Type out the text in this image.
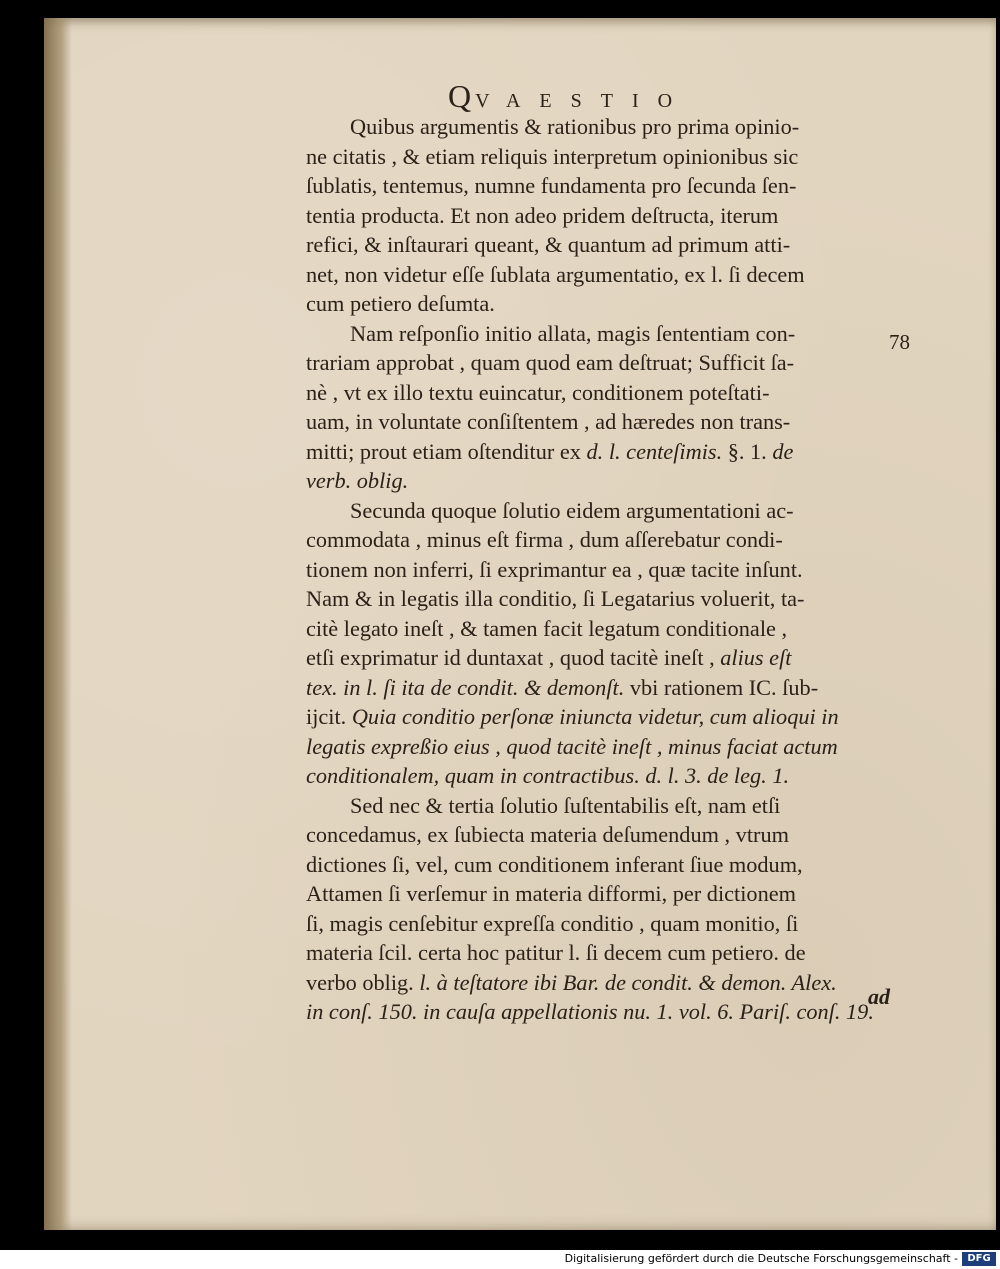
QVAESTIO
78
Quibus argumentis & rationibus pro prima opinio-
ne citatis , & etiam reliquis interpretum opinionibus sic
ſublatis, tentemus, numne fundamenta pro ſecunda ſen-
tentia producta. Et non adeo pridem deſtructa, iterum
refici, & inſtaurari queant, & quantum ad primum atti-
net, non videtur eſſe ſublata argumentatio, ex l. ſi decem
cum petiero deſumta.
Nam reſponſio initio allata, magis ſententiam con-
trariam approbat , quam quod eam deſtruat; Sufficit ſa-
nè , vt ex illo textu euincatur, conditionem poteſtati-
uam, in voluntate conſiſtentem , ad hæredes non trans-
mitti; prout etiam oſtenditur ex d. l. centeſimis. §. 1. de
verb. oblig.
Secunda quoque ſolutio eidem argumentationi ac-
commodata , minus eſt firma , dum aſſerebatur condi-
tionem non inferri, ſi exprimantur ea , quæ tacite inſunt.
Nam & in legatis illa conditio, ſi Legatarius voluerit, ta-
citè legato ineſt , & tamen facit legatum conditionale ,
etſi exprimatur id duntaxat , quod tacitè ineſt , alius eſt
tex. in l. ſi ita de condit. & demonſt. vbi rationem IC. ſub-
ijcit. Quia conditio perſonæ iniuncta videtur, cum alioqui in
legatis expreßio eius , quod tacitè ineſt , minus faciat actum
conditionalem, quam in contractibus. d. l. 3. de leg. 1.
Sed nec & tertia ſolutio ſuſtentabilis eſt, nam etſi
concedamus, ex ſubiecta materia deſumendum , vtrum
dictiones ſi, vel, cum conditionem inferant ſiue modum,
Attamen ſi verſemur in materia difformi, per dictionem
ſi, magis cenſebitur expreſſa conditio , quam monitio, ſi
materia ſcil. certa hoc patitur l. ſi decem cum petiero. de
verbo oblig. l. à teſtatore ibi Bar. de condit. & demon. Alex.
in conſ. 150. in cauſa appellationis nu. 1. vol. 6. Pariſ. conſ. 19.
ad
Digitalisierung gefördert durch die Deutsche Forschungsgemeinschaft - DFG
